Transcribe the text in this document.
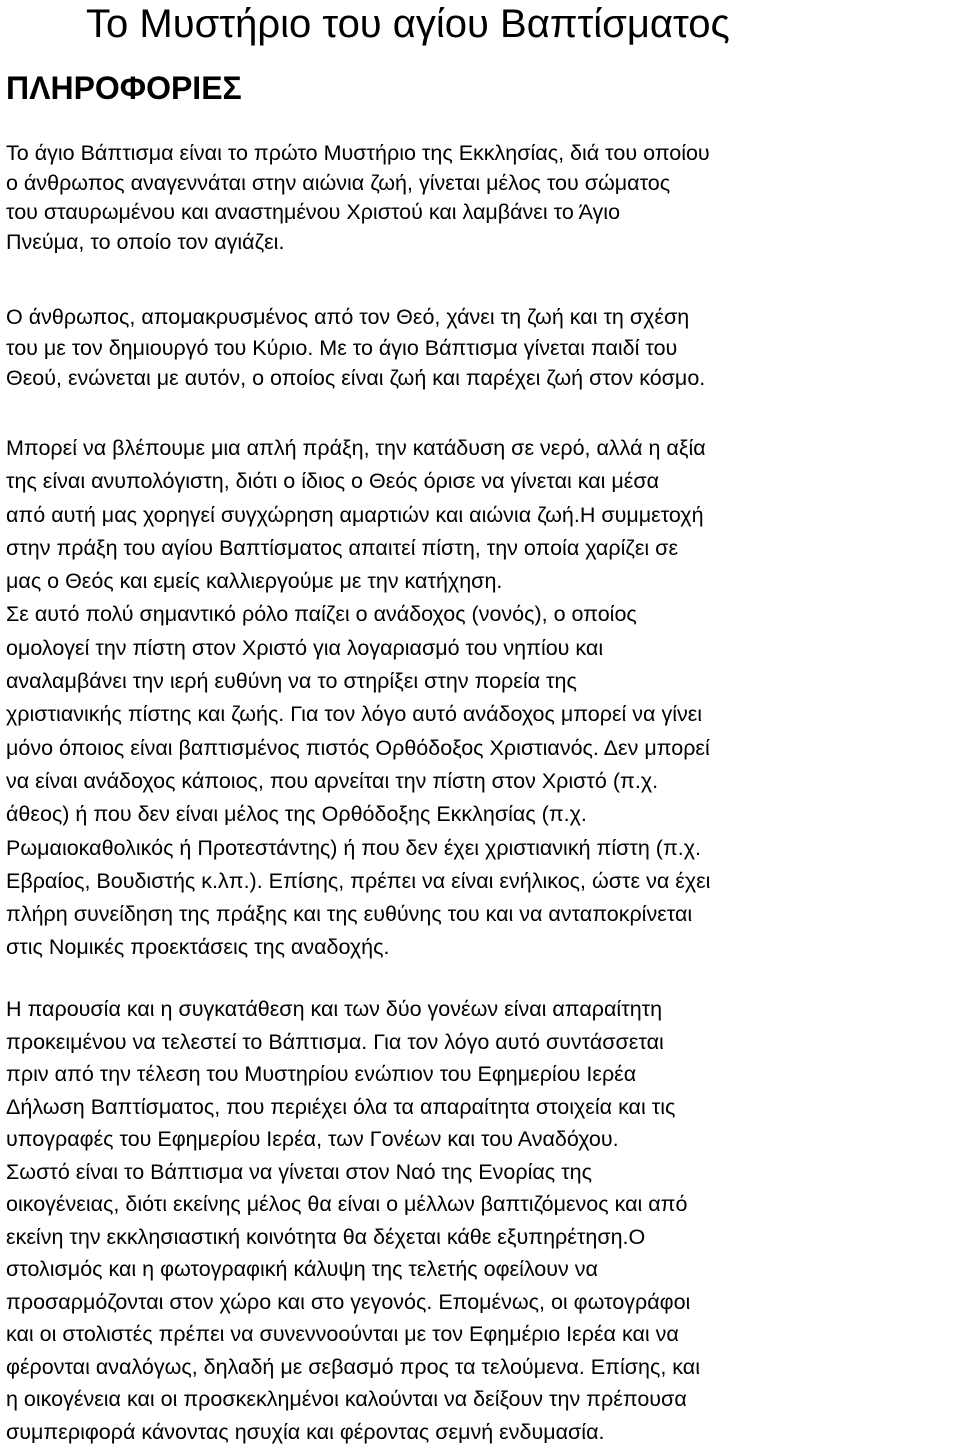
Το Μυστήριο του αγίου Βαπτίσματος
ΠΛΗΡΟΦΟΡΙΕΣ

Το άγιο Βάπτισμα είναι το πρώτο Μυστήριο της Εκκλησίας, διά του οποίου
ο άνθρωπος αναγεννάται στην αιώνια ζωή, γίνεται μέλος του σώματος
του σταυρωμένου και αναστημένου Χριστού και λαμβάνει το Άγιο
Πνεύμα, το οποίο τον αγιάζει.

Ο άνθρωπος, απομακρυσμένος από τον Θεό, χάνει τη ζωή και τη σχέση
του με τον δημιουργό του Κύριο. Με το άγιο Βάπτισμα γίνεται παιδί του
Θεού, ενώνεται με αυτόν, ο οποίος είναι ζωή και παρέχει ζωή στον κόσμο.

Μπορεί να βλέπουμε μια απλή πράξη, την κατάδυση σε νερό, αλλά η αξία
της είναι ανυπολόγιστη, διότι ο ίδιος ο Θεός όρισε να γίνεται και μέσα
από αυτή μας χορηγεί συγχώρηση αμαρτιών και αιώνια ζωή.Η συμμετοχή
στην πράξη του αγίου Βαπτίσματος απαιτεί πίστη, την οποία χαρίζει σε
μας ο Θεός και εμείς καλλιεργούμε με την κατήχηση.
Σε αυτό πολύ σημαντικό ρόλο παίζει ο ανάδοχος (νονός), ο οποίος
ομολογεί την πίστη στον Χριστό για λογαριασμό του νηπίου και
αναλαμβάνει την ιερή ευθύνη να το στηρίξει στην πορεία της
χριστιανικής πίστης και ζωής. Για τον λόγο αυτό ανάδοχος μπορεί να γίνει
μόνο όποιος είναι βαπτισμένος πιστός Ορθόδοξος Χριστιανός. Δεν μπορεί
να είναι ανάδοχος κάποιος, που αρνείται την πίστη στον Χριστό (π.χ.
άθεος) ή που δεν είναι μέλος της Ορθόδοξης Εκκλησίας (π.χ.
Ρωμαιοκαθολικός ή Προτεστάντης) ή που δεν έχει χριστιανική πίστη (π.χ.
Εβραίος, Βουδιστής κ.λπ.). Επίσης, πρέπει να είναι ενήλικος, ώστε να έχει
πλήρη συνείδηση της πράξης και της ευθύνης του και να ανταποκρίνεται
στις Νομικές προεκτάσεις της αναδοχής.

Η παρουσία και η συγκατάθεση και των δύο γονέων είναι απαραίτητη
προκειμένου να τελεστεί το Βάπτισμα. Για τον λόγο αυτό συντάσσεται
πριν από την τέλεση του Μυστηρίου ενώπιον του Εφημερίου Ιερέα
Δήλωση Βαπτίσματος, που περιέχει όλα τα απαραίτητα στοιχεία και τις
υπογραφές του Εφημερίου Ιερέα, των Γονέων και του Αναδόχου.
Σωστό είναι το Βάπτισμα να γίνεται στον Ναό της Ενορίας της
οικογένειας, διότι εκείνης μέλος θα είναι ο μέλλων βαπτιζόμενος και από
εκείνη την εκκλησιαστική κοινότητα θα δέχεται κάθε εξυπηρέτηση.Ο
στολισμός και η φωτογραφική κάλυψη της τελετής οφείλουν να
προσαρμόζονται στον χώρο και στο γεγονός. Επομένως, οι φωτογράφοι
και οι στολιστές πρέπει να συνεννοούνται με τον Εφημέριο Ιερέα και να
φέρονται αναλόγως, δηλαδή με σεβασμό προς τα τελούμενα. Επίσης, και
η οικογένεια και οι προσκεκλημένοι καλούνται να δείξουν την πρέπουσα
συμπεριφορά κάνοντας ησυχία και φέροντας σεμνή ενδυμασία.
